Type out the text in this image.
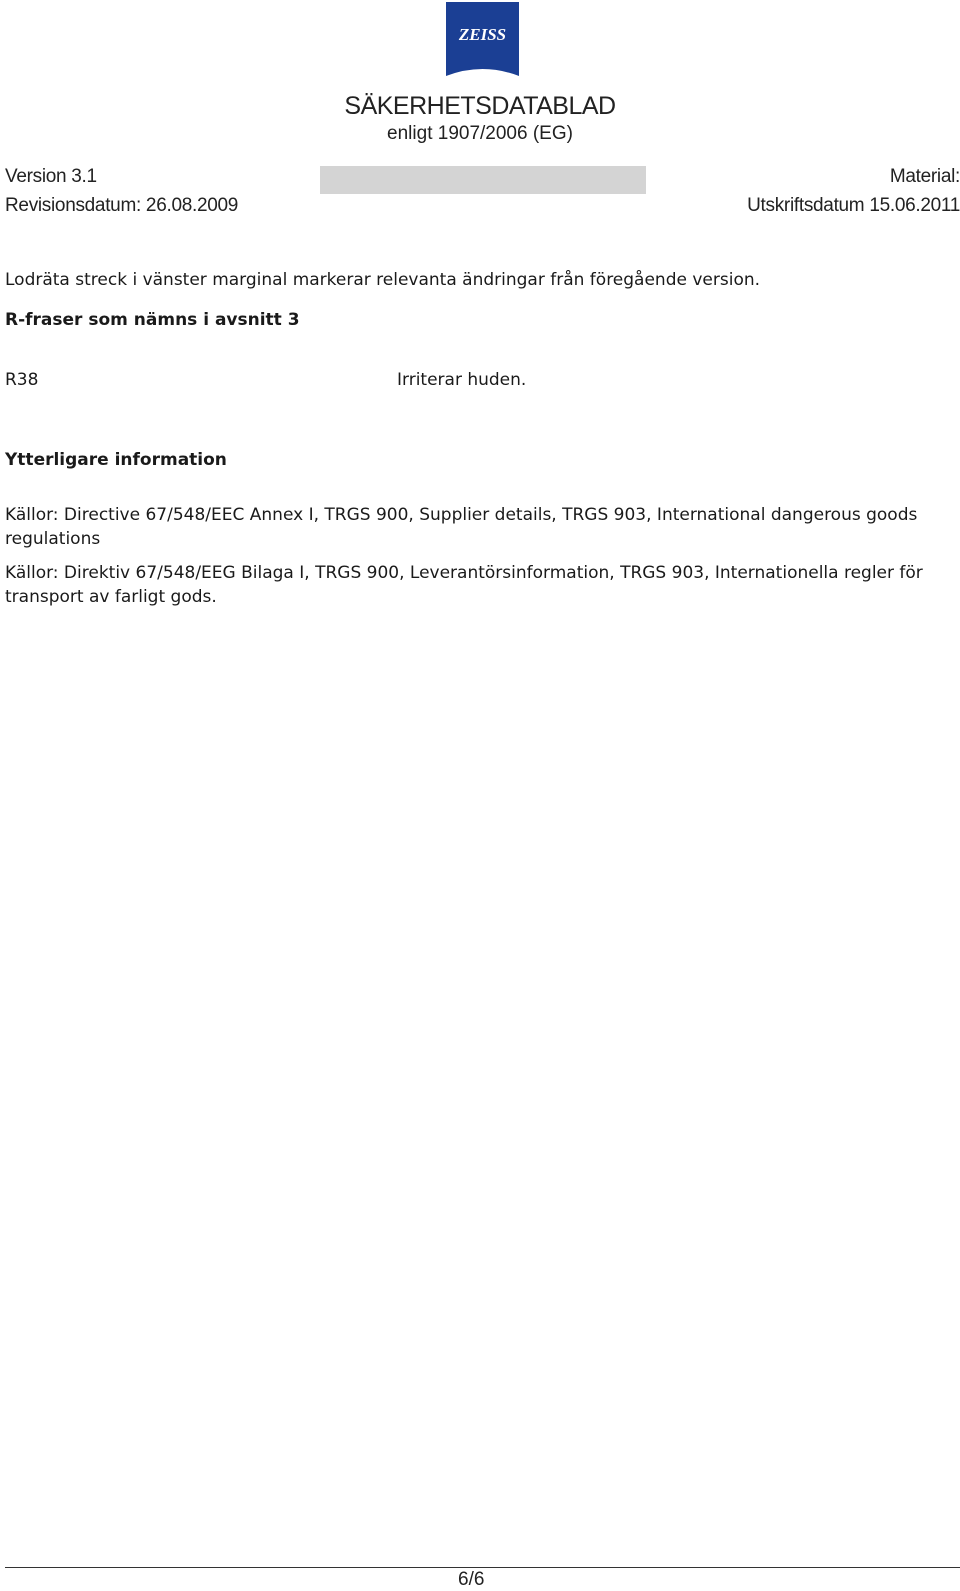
ZEISS
SÄKERHETSDATABLAD
enligt 1907/2006 (EG)
Version 3.1
Revisionsdatum: 26.08.2009
Material:
Utskriftsdatum 15.06.2011
Lodräta streck i vänster marginal markerar relevanta ändringar från föregående version.
R-fraser som nämns i avsnitt 3
R38	Irriterar huden.
Ytterligare information
Källor: Directive 67/548/EEC Annex I, TRGS 900, Supplier details, TRGS 903, International dangerous goods regulations
Källor: Direktiv 67/548/EEG Bilaga I, TRGS 900, Leverantörsinformation, TRGS 903, Internationella regler för transport av farligt gods.
6/6
